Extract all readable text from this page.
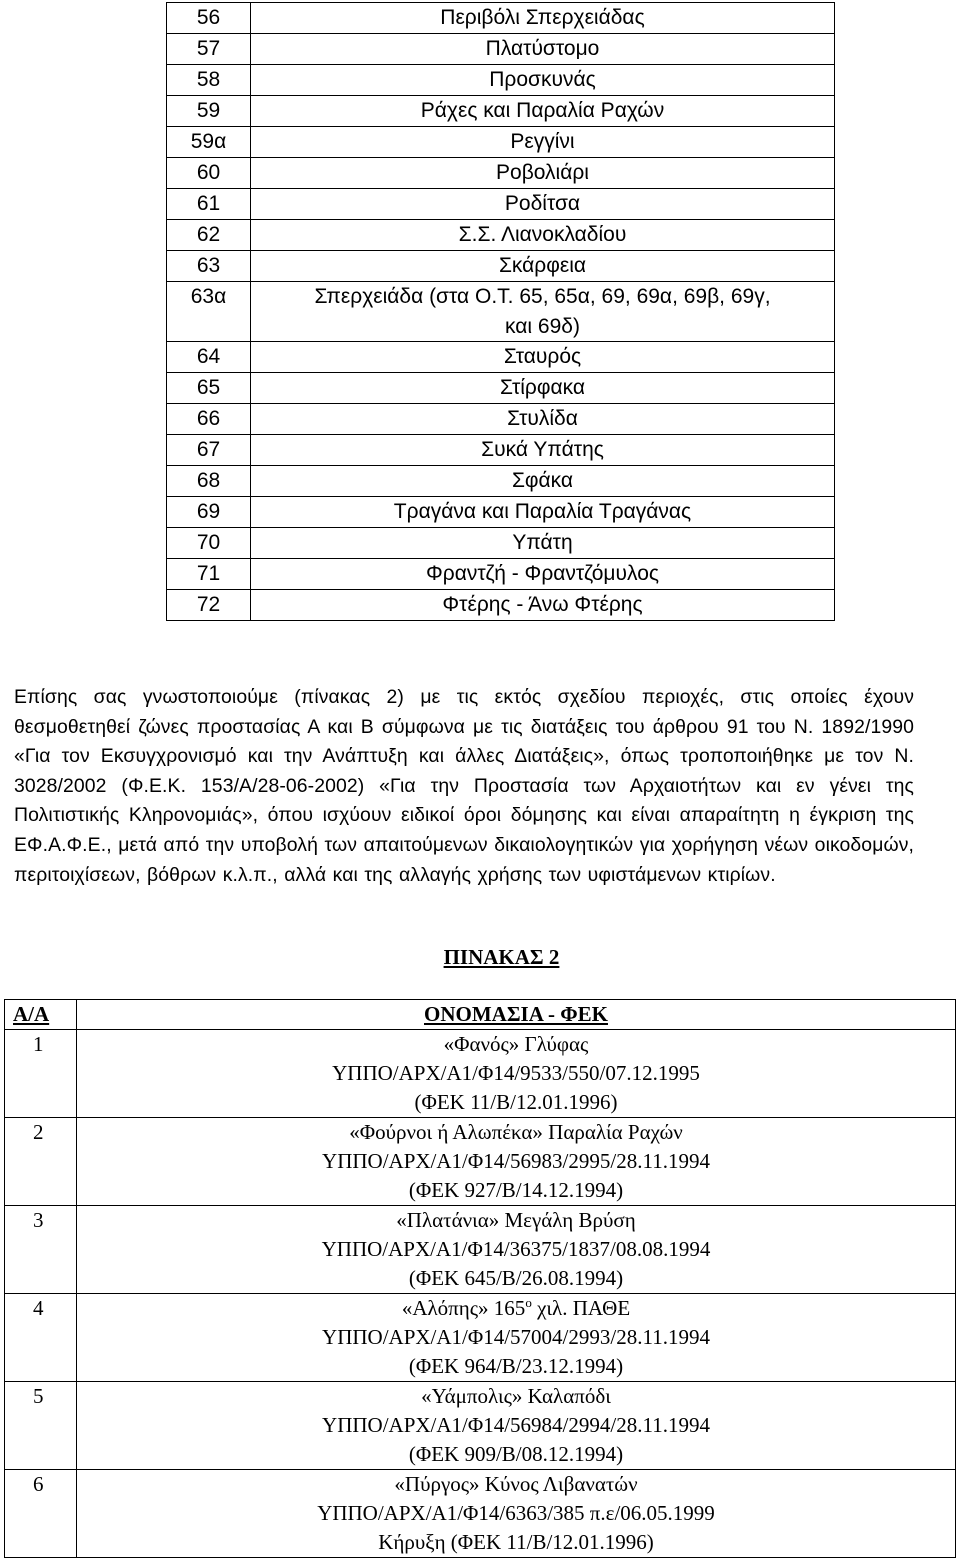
56	Περιβόλι Σπερχειάδας
57	Πλατύστομο
58	Προσκυνάς
59	Ράχες και Παραλία Ραχών
59α	Ρεγγίνι
60	Ροβολιάρι
61	Ροδίτσα
62	Σ.Σ. Λιανοκλαδίου
63	Σκάρφεια
63α	Σπερχειάδα (στα Ο.Τ. 65, 65α, 69, 69α, 69β, 69γ,
και 69δ)

64	Σταυρός
65	Στίρφακα
66	Στυλίδα
67	Συκά Υπάτης
68	Σφάκα
69	Τραγάνα και Παραλία Τραγάνας
70	Υπάτη
71	Φραντζή - Φραντζόμυλος
72	Φτέρης - Άνω Φτέρης

Επίσης σας γνωστοποιούμε (πίνακας 2) με τις εκτός σχεδίου περιοχές, στις οποίες έχουν θεσμοθετηθεί ζώνες προστασίας Α και Β σύμφωνα με τις διατάξεις του άρθρου 91 του Ν. 1892/1990 «Για τον Εκσυγχρονισμό και την Ανάπτυξη και άλλες Διατάξεις», όπως τροποποιήθηκε με τον Ν. 3028/2002 (Φ.Ε.Κ. 153/Α/28-06-2002) «Για την Προστασία των Αρχαιοτήτων και εν γένει της Πολιτιστικής Κληρονομιάς», όπου ισχύουν ειδικοί όροι δόμησης και είναι απαραίτητη η έγκριση της ΕΦ.Α.Φ.Ε., μετά από την υποβολή των απαιτούμενων δικαιολογητικών για χορήγηση νέων οικοδομών, περιτοιχίσεων, βόθρων κ.λ.π., αλλά και της αλλαγής χρήσης των υφιστάμενων κτιρίων.

ΠΙΝΑΚΑΣ 2
Α/Α	ΟΝΟΜΑΣΙΑ - ΦΕΚ
1	«Φανός» Γλύφας
ΥΠΠΟ/ΑΡΧ/Α1/Φ14/9533/550/07.12.1995
(ΦΕΚ 11/Β/12.01.1996)

2	«Φούρνοι ή Αλωπέκα» Παραλία Ραχών
ΥΠΠΟ/ΑΡΧ/Α1/Φ14/56983/2995/28.11.1994
(ΦΕΚ 927/Β/14.12.1994)

3	«Πλατάνια» Μεγάλη Βρύση
ΥΠΠΟ/ΑΡΧ/Α1/Φ14/36375/1837/08.08.1994
(ΦΕΚ 645/Β/26.08.1994)

4	«Αλόπης» $165^o$ χιλ. ΠΑΘΕ
ΥΠΠΟ/ΑΡΧ/Α1/Φ14/57004/2993/28.11.1994
(ΦΕΚ 964/Β/23.12.1994)

5	«Υάμπολις» Καλαπόδι
ΥΠΠΟ/ΑΡΧ/Α1/Φ14/56984/2994/28.11.1994
(ΦΕΚ 909/Β/08.12.1994)

6	«Πύργος» Κύνος Λιβανατών
ΥΠΠΟ/ΑΡΧ/Α1/Φ14/6363/385 π.ε/06.05.1999
Κήρυξη (ΦΕΚ 11/Β/12.01.1996)
